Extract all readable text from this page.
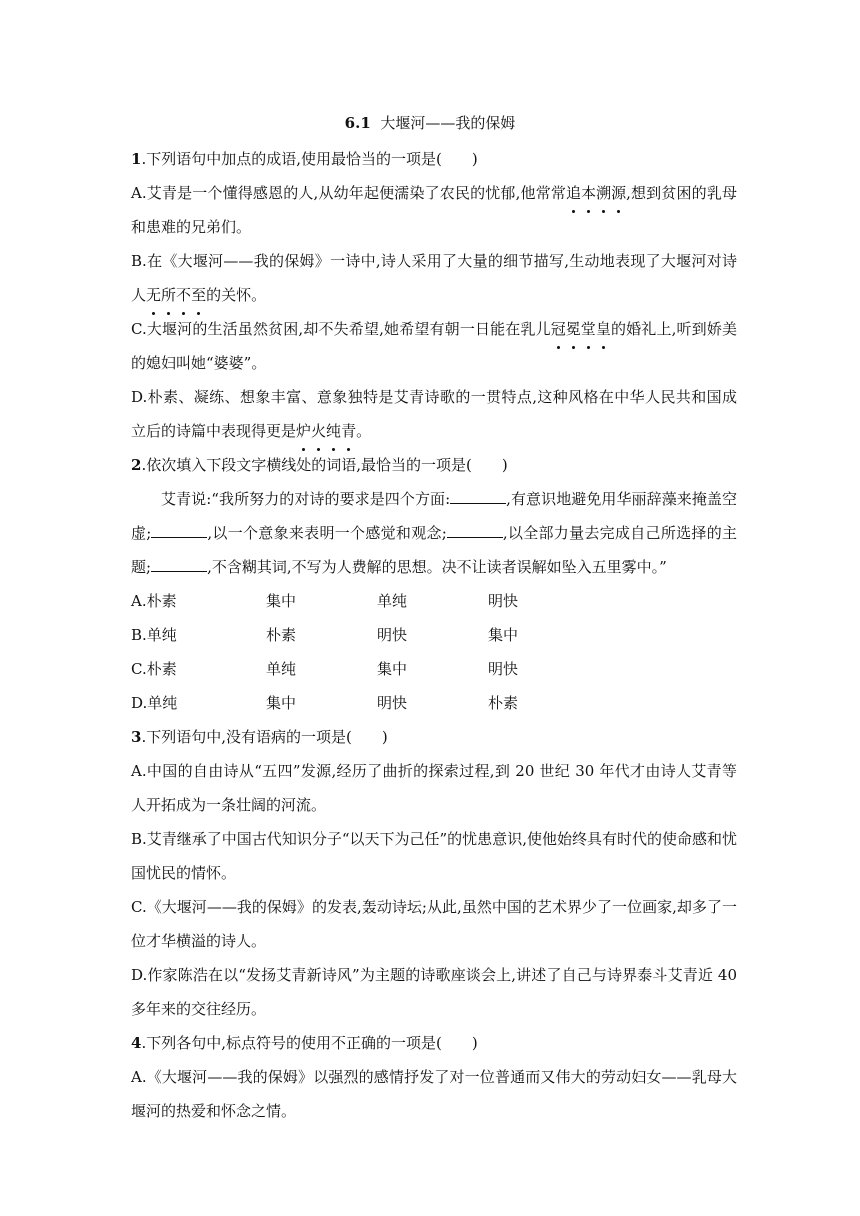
6.1 大堰河——我的保姆

1.下列语句中加点的成语,使用最恰当的一项是(　　)

A.艾青是一个懂得感恩的人,从幼年起便濡染了农民的忧郁,他常常追本溯源,想到贫困的乳母和患难的兄弟们。

B.在《大堰河——我的保姆》一诗中,诗人采用了大量的细节描写,生动地表现了大堰河对诗人无所不至的关怀。

C.大堰河的生活虽然贫困,却不失希望,她希望有朝一日能在乳儿冠冕堂皇的婚礼上,听到娇美的媳妇叫她“婆婆”。

D.朴素、凝练、想象丰富、意象独特是艾青诗歌的一贯特点,这种风格在中华人民共和国成立后的诗篇中表现得更是炉火纯青。

2.依次填入下段文字横线处的词语,最恰当的一项是(　　)

艾青说:“我所努力的对诗的要求是四个方面:	,有意识地避免用华丽辞藻来掩盖空虚;	,以一个意象来表明一个感觉和观念;	,以全部力量去完成自己所选择的主题;	,不含糊其词,不写为人费解的思想。决不让读者误解如坠入五里雾中。”

A.朴素	集中	单纯	明快
B.单纯	朴素	明快	集中
C.朴素	单纯	集中	明快
D.单纯	集中	明快	朴素

3.下列语句中,没有语病的一项是(　　)

A.中国的自由诗从“五四”发源,经历了曲折的探索过程,到 20 世纪 30 年代才由诗人艾青等人开拓成为一条壮阔的河流。

B.艾青继承了中国古代知识分子“以天下为己任”的忧患意识,使他始终具有时代的使命感和忧国忧民的情怀。

C.《大堰河——我的保姆》的发表,轰动诗坛;从此,虽然中国的艺术界少了一位画家,却多了一位才华横溢的诗人。

D.作家陈浩在以“发扬艾青新诗风”为主题的诗歌座谈会上,讲述了自己与诗界泰斗艾青近 40 多年来的交往经历。

4.下列各句中,标点符号的使用不正确的一项是(　　)

A.《大堰河——我的保姆》以强烈的感情抒发了对一位普通而又伟大的劳动妇女——乳母大堰河的热爱和怀念之情。
